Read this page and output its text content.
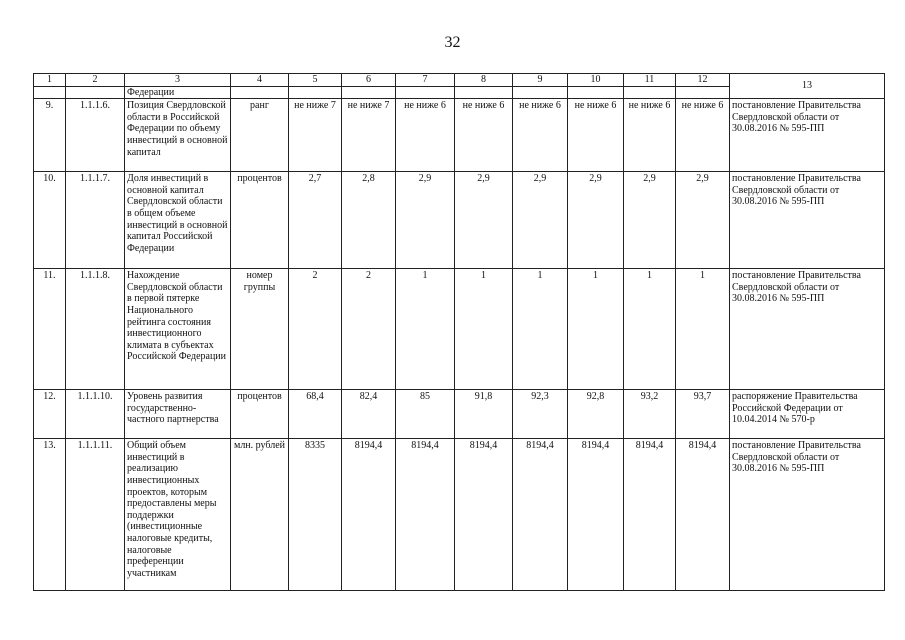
32
1	2	3	4	5	6	7	8	9	10	11	12	13
		Федерации										
9.	1.1.1.6.	Позиция Свердловской области в Российской Федерации по объему инвестиций в основной капитал	ранг	не ниже 7	не ниже 7	не ниже 6	не ниже 6	не ниже 6	не ниже 6	не ниже 6	не ниже 6	постановление Правительства Свердловской области от 30.08.2016 № 595-ПП
10.	1.1.1.7.	Доля инвестиций в основной капитал Свердловской области в общем объеме инвестиций в основной капитал Российской Федерации	процентов	2,7	2,8	2,9	2,9	2,9	2,9	2,9	2,9	постановление Правительства Свердловской области от 30.08.2016 № 595-ПП
11.	1.1.1.8.	Нахождение Свердловской области в первой пятерке Национального рейтинга состояния инвестиционного климата в субъектах Российской Федерации	номер группы	2	2	1	1	1	1	1	1	постановление Правительства Свердловской области от 30.08.2016 № 595-ПП
12.	1.1.1.10.	Уровень развития государственно-частного партнерства	процентов	68,4	82,4	85	91,8	92,3	92,8	93,2	93,7	распоряжение Правительства Российской Федерации от 10.04.2014 № 570-р
13.	1.1.1.11.	Общий объем инвестиций в реализацию инвестиционных проектов, которым предоставлены меры поддержки (инвестиционные налоговые кредиты, налоговые преференции участникам	млн. рублей	8335	8194,4	8194,4	8194,4	8194,4	8194,4	8194,4	8194,4	постановление Правительства Свердловской области от 30.08.2016 № 595-ПП
